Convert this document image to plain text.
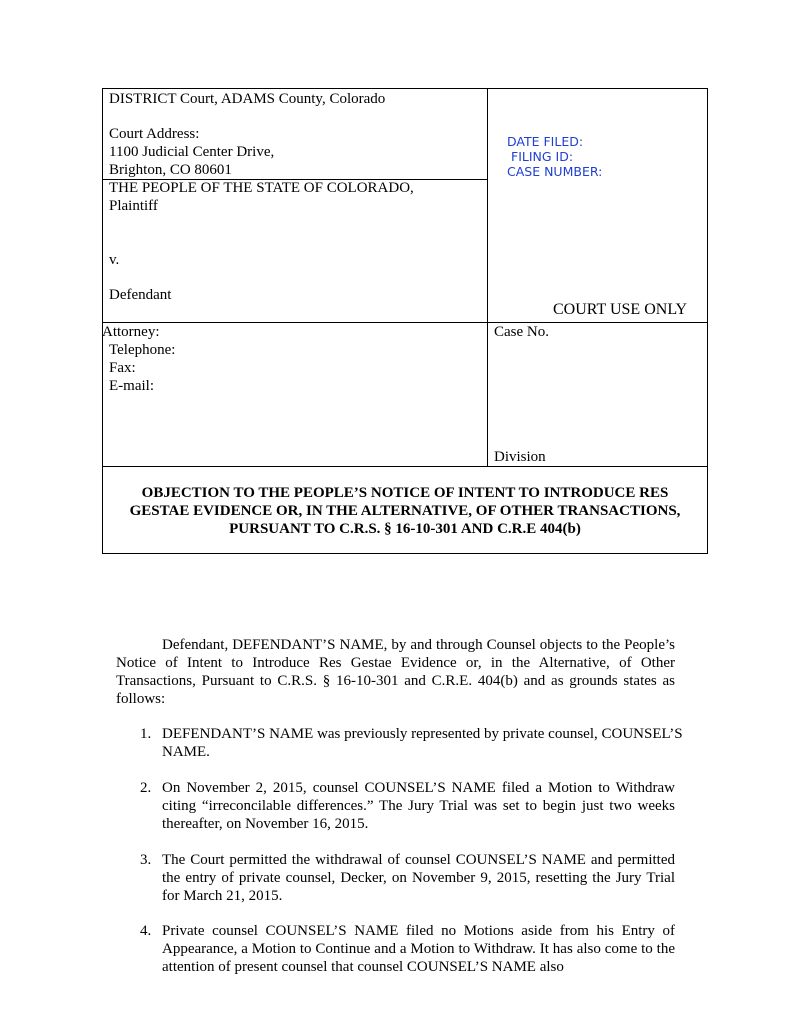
DISTRICT Court, ADAMS County, Colorado
Court Address:
1100 Judicial Center Drive,
Brighton, CO 80601
THE PEOPLE OF THE STATE OF COLORADO,
Plaintiff
v.
Defendant
DATE FILED:
FILING ID:
CASE NUMBER:
COURT USE ONLY
Attorney:
Telephone:
Fax:
E-mail:
Case No.
Division
OBJECTION TO THE PEOPLE’S NOTICE OF INTENT TO INTRODUCE RES
GESTAE EVIDENCE OR, IN THE ALTERNATIVE, OF OTHER TRANSACTIONS,
PURSUANT TO C.R.S. § 16-10-301 AND C.R.E 404(b)
Defendant, DEFENDANT’S NAME, by and through Counsel objects to the People’s Notice of Intent to Introduce Res Gestae Evidence or, in the Alternative, of Other Transactions, Pursuant to C.R.S. § 16-10-301 and C.R.E. 404(b) and as grounds states as follows:
1. DEFENDANT’S NAME was previously represented by private counsel, COUNSEL’S NAME.
2. On November 2, 2015, counsel COUNSEL’S NAME filed a Motion to Withdraw citing “irreconcilable differences.” The Jury Trial was set to begin just two weeks thereafter, on November 16, 2015.
3. The Court permitted the withdrawal of counsel COUNSEL’S NAME and permitted the entry of private counsel, Decker, on November 9, 2015, resetting the Jury Trial for March 21, 2015.
4. Private counsel COUNSEL’S NAME filed no Motions aside from his Entry of Appearance, a Motion to Continue and a Motion to Withdraw. It has also come to the attention of present counsel that counsel COUNSEL’S NAME also
